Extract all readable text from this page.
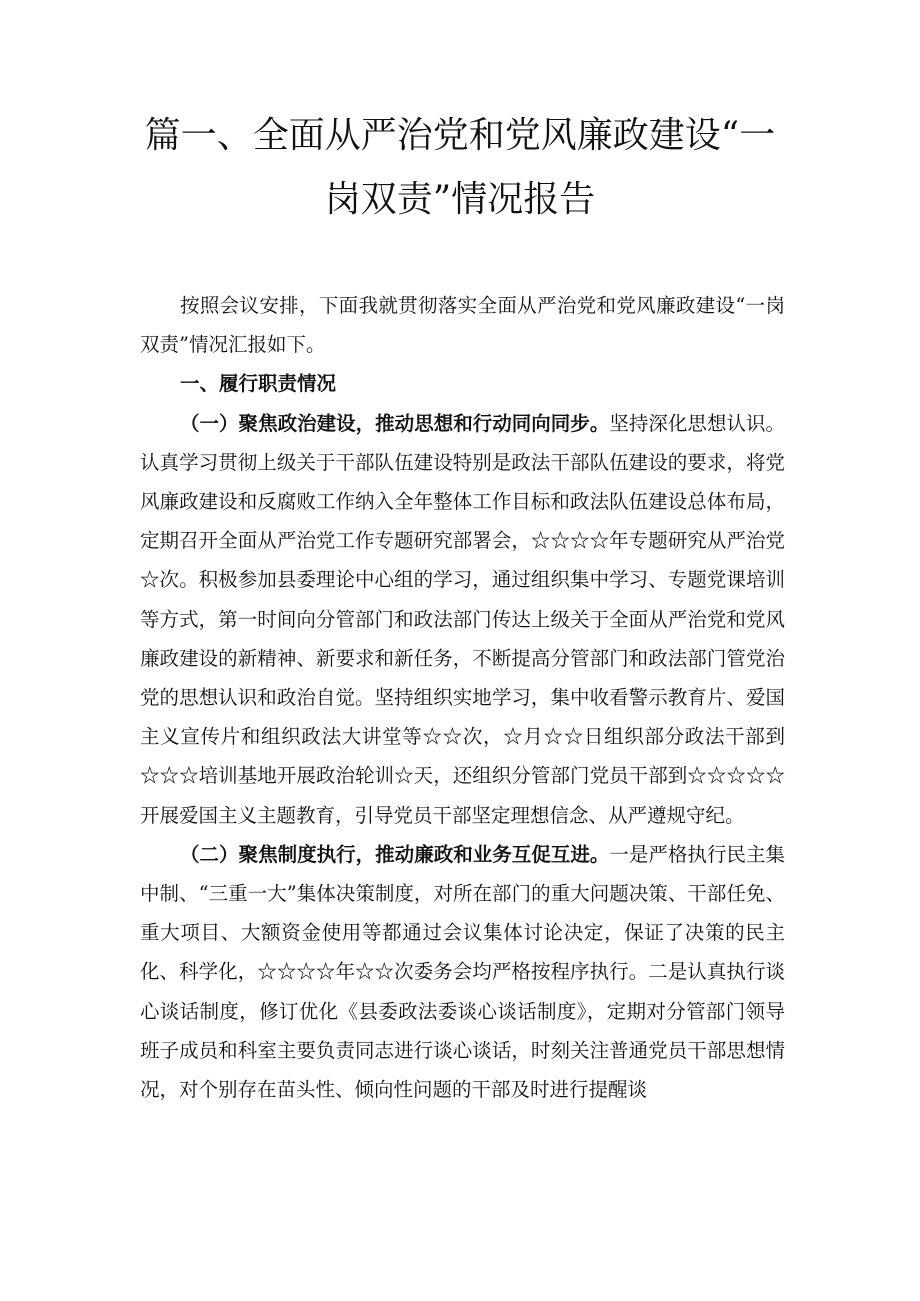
篇一、全面从严治党和党风廉政建设“一
岗双责”情况报告

按照会议安排，下面我就贯彻落实全面从严治党和党风廉政建设“一岗双责”情况汇报如下。

一、履行职责情况

（一）聚焦政治建设，推动思想和行动同向同步。坚持深化思想认识。认真学习贯彻上级关于干部队伍建设特别是政法干部队伍建设的要求，将党风廉政建设和反腐败工作纳入全年整体工作目标和政法队伍建设总体布局，定期召开全面从严治党工作专题研究部署会，☆☆☆☆年专题研究从严治党☆次。积极参加县委理论中心组的学习，通过组织集中学习、专题党课培训等方式，第一时间向分管部门和政法部门传达上级关于全面从严治党和党风廉政建设的新精神、新要求和新任务，不断提高分管部门和政法部门管党治党的思想认识和政治自觉。坚持组织实地学习，集中收看警示教育片、爱国主义宣传片和组织政法大讲堂等☆☆次，☆月☆☆日组织部分政法干部到☆☆☆培训基地开展政治轮训☆天，还组织分管部门党员干部到☆☆☆☆☆开展爱国主义主题教育，引导党员干部坚定理想信念、从严遵规守纪。

（二）聚焦制度执行，推动廉政和业务互促互进。一是严格执行民主集中制、“三重一大”集体决策制度，对所在部门的重大问题决策、干部任免、重大项目、大额资金使用等都通过会议集体讨论决定，保证了决策的民主化、科学化，☆☆☆☆年☆☆次委务会均严格按程序执行。二是认真执行谈心谈话制度，修订优化《县委政法委谈心谈话制度》，定期对分管部门领导班子成员和科室主要负责同志进行谈心谈话，时刻关注普通党员干部思想情况，对个别存在苗头性、倾向性问题的干部及时进行提醒谈
